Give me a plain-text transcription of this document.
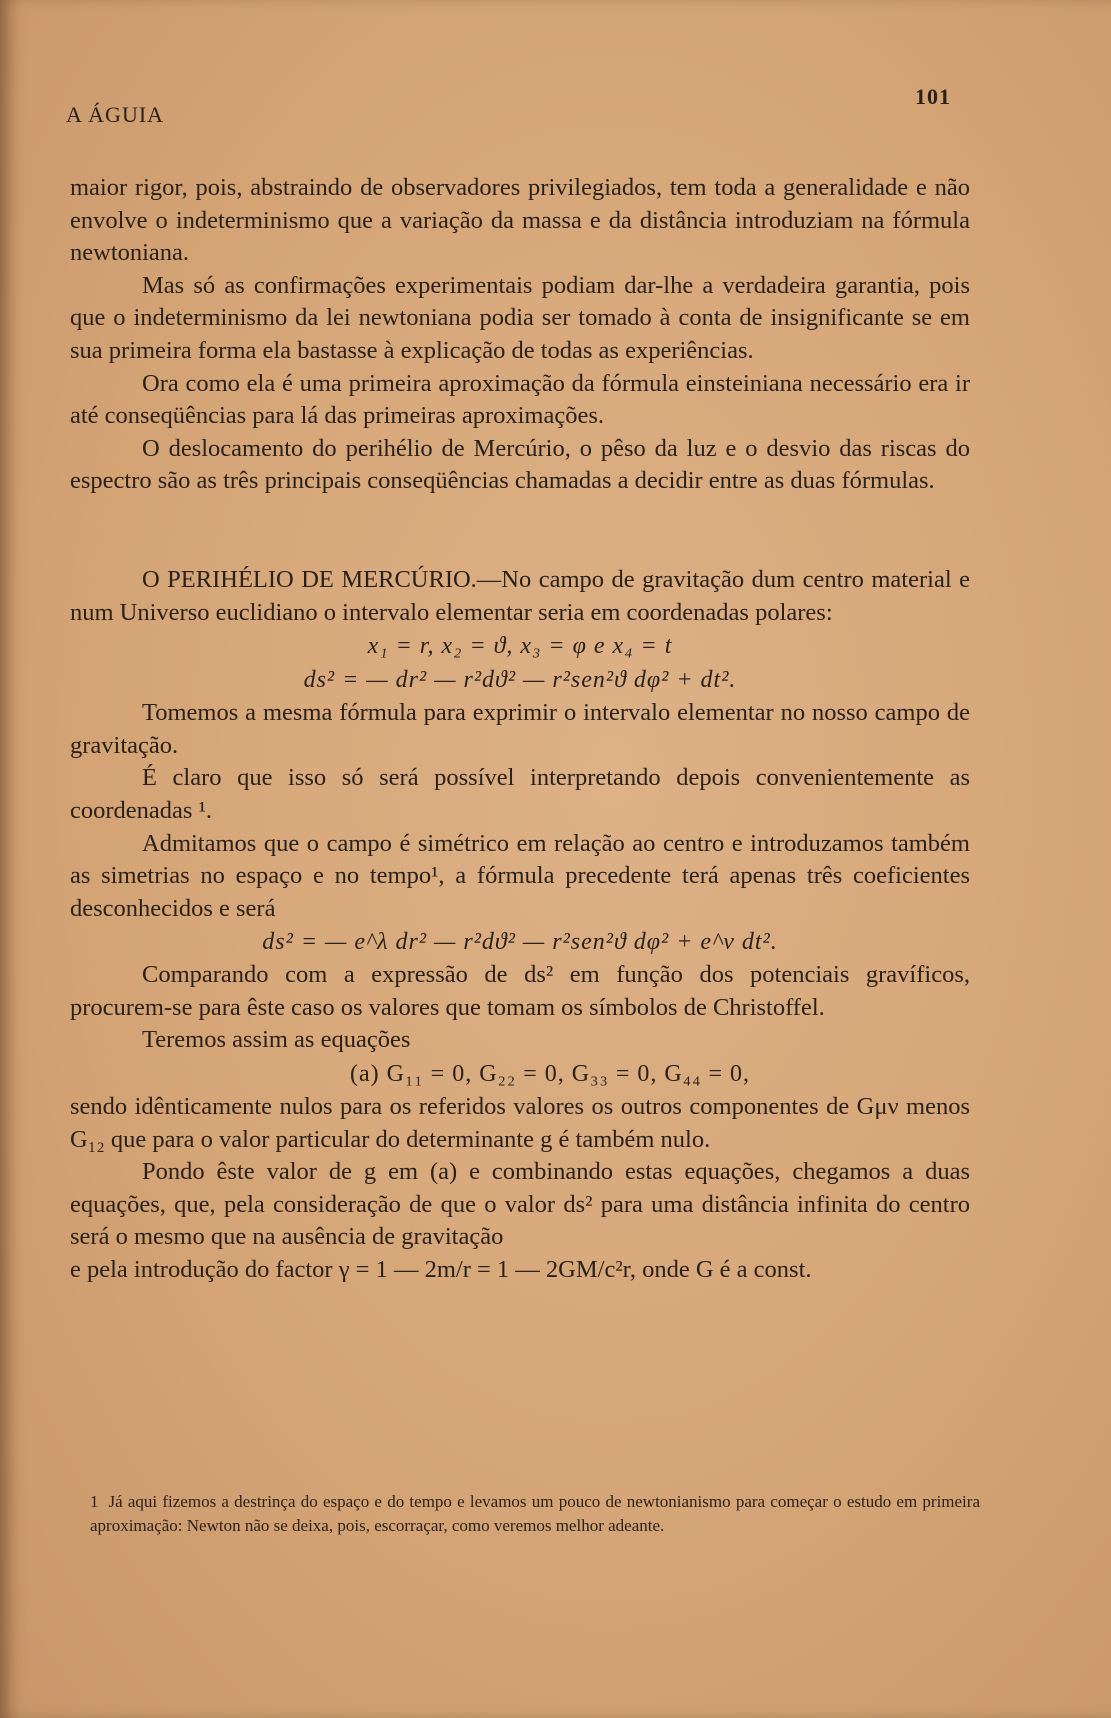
A ÁGUIA
101

maior rigor, pois, abstraindo de observadores privilegiados, tem toda a generalidade e não envolve o indeterminismo que a variação da massa e da distância introduziam na fórmula newtoniana.

Mas só as confirmações experimentais podiam dar-lhe a verdadeira garantia, pois que o indeterminismo da lei newtoniana podia ser tomado à conta de insignificante se em sua primeira forma ela bastasse à explicação de todas as experiências.

Ora como ela é uma primeira aproximação da fórmula einsteiniana necessário era ir até conseqüências para lá das primeiras aproximações.

O deslocamento do perihélio de Mercúrio, o pêso da luz e o desvio das riscas do espectro são as três principais conseqüências chamadas a decidir entre as duas fórmulas.

O PERIHÉLIO DE MERCÚRIO.—No campo de gravitação dum centro material e num Universo euclidiano o intervalo elementar seria em coordenadas polares:

x₁ = r, x₂ = ϑ, x₃ = φ e x₄ = t

ds² = — dr² — r²dϑ² — r²sen²ϑ dφ² + dt².

Tomemos a mesma fórmula para exprimir o intervalo elementar no nosso campo de gravitação.

É claro que isso só será possível interpretando depois convenientemente as coordenadas ¹.

Admitamos que o campo é simétrico em relação ao centro e introduzamos também as simetrias no espaço e no tempo¹, a fórmula precedente terá apenas três coeficientes desconhecidos e será

ds² = — e^λ dr² — r²dϑ² — r²sen²ϑ dφ² + e^ν dt².

Comparando com a expressão de ds² em função dos potenciais gravíficos, procurem-se para êste caso os valores que tomam os símbolos de Christoffel.

Teremos assim as equações

(a) G₁₁ = 0, G₂₂ = 0, G₃₃ = 0, G₄₄ = 0,

sendo idênticamente nulos para os referidos valores os outros componentes de Gμν menos G₁₂ que para o valor particular do determinante g é também nulo.

Pondo êste valor de g em (a) e combinando estas equações, chegamos a duas equações, que, pela consideração de que o valor ds² para uma distância infinita do centro será o mesmo que na ausência de gravitação

e pela introdução do factor γ = 1 — 2m/r = 1 — 2GM/c²r, onde G é a const.

1 Já aqui fizemos a destrinça do espaço e do tempo e levamos um pouco de newtonianismo para começar o estudo em primeira aproximação: Newton não se deixa, pois, escorraçar, como veremos melhor adeante.
